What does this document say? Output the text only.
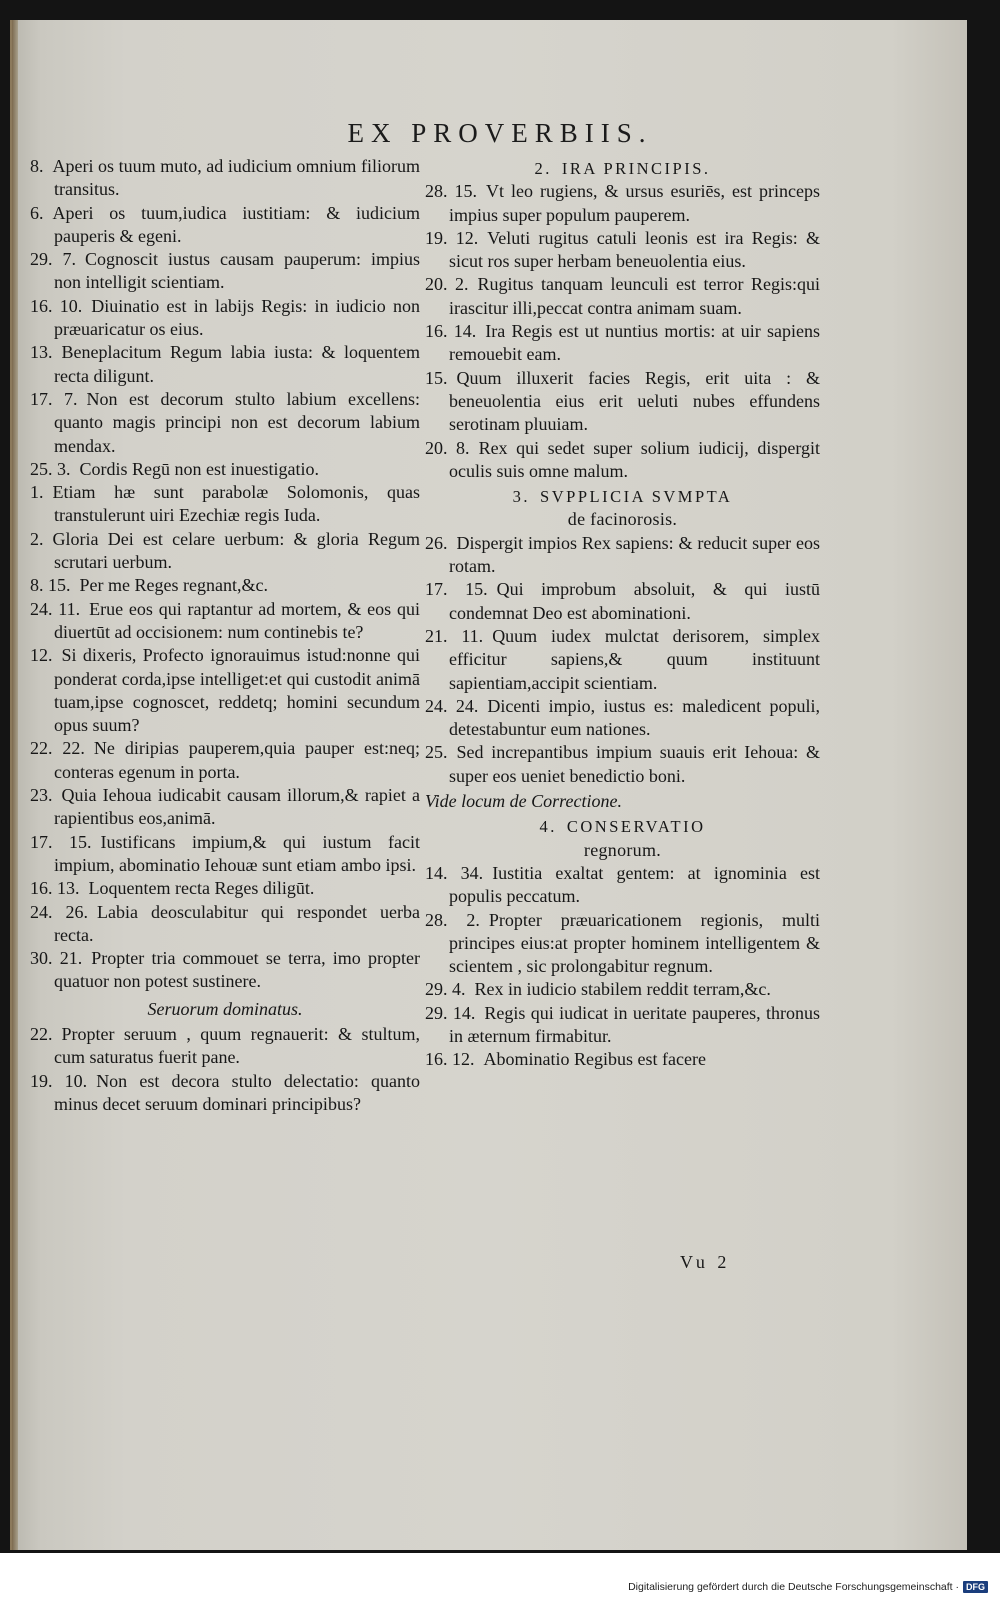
EX PROVERBIIS.

8. Aperi os tuum muto, ad iudicium omnium filiorum transitus.

6. Aperi os tuum,iudica iustitiam: & iudicium pauperis & egeni.

29. 7. Cognoscit iustus causam pauperum: impius non intelligit scientiam.

16. 10. Diuinatio est in labijs Regis: in iudicio non præuaricatur os eius.

13. Beneplacitum Regum labia iusta: & loquentem recta diligunt.

17. 7. Non est decorum stulto labium excellens: quanto magis principi non est decorum labium mendax.

25. 3. Cordis Regū non est inuestigatio.

1. Etiam hæ sunt parabolæ Solomonis, quas transtulerunt uiri Ezechiæ regis Iuda.

2. Gloria Dei est celare uerbum: & gloria Regum scrutari uerbum.

8. 15. Per me Reges regnant,&c.

24. 11. Erue eos qui raptantur ad mortem, & eos qui diuertūt ad occisionem: num continebis te?

12. Si dixeris, Profecto ignorauimus istud:nonne qui ponderat corda,ipse intelliget:et qui custodit animā tuam,ipse cognoscet, reddetq; homini secundum opus suum?

22. 22. Ne diripias pauperem,quia pauper est:neq; conteras egenum in porta.

23. Quia Iehoua iudicabit causam illorum,& rapiet a rapientibus eos,animā.

17. 15. Iustificans impium,& qui iustum facit impium, abominatio Iehouæ sunt etiam ambo ipsi.

16. 13. Loquentem recta Reges diligūt.

24. 26. Labia deosculabitur qui respondet uerba recta.

30. 21. Propter tria commouet se terra, imo propter quatuor non potest sustinere.

Seruorum dominatus.

22. Propter seruum , quum regnauerit: & stultum, cum saturatus fuerit pane.

19. 10. Non est decora stulto delectatio: quanto minus decet seruum dominari principibus?

2. IRA PRINCIPIS.

28. 15. Vt leo rugiens, & ursus esuriēs, est princeps impius super populum pauperem.

19. 12. Veluti rugitus catuli leonis est ira Regis: & sicut ros super herbam beneuolentia eius.

20. 2. Rugitus tanquam leunculi est terror Regis:qui irascitur illi,peccat contra animam suam.

16. 14. Ira Regis est ut nuntius mortis: at uir sapiens remouebit eam.

15. Quum illuxerit facies Regis, erit uita : & beneuolentia eius erit ueluti nubes effundens serotinam pluuiam.

20. 8. Rex qui sedet super solium iudicij, dispergit oculis suis omne malum.

3. SVPPLICIA SVMPTA
de facinorosis.

26. Dispergit impios Rex sapiens: & reducit super eos rotam.

17. 15. Qui improbum absoluit, & qui iustū condemnat Deo est abominationi.

21. 11. Quum iudex mulctat derisorem, simplex efficitur sapiens,& quum instituunt sapientiam,accipit scientiam.

24. 24. Dicenti impio, iustus es: maledicent populi, detestabuntur eum nationes.

25. Sed increpantibus impium suauis erit Iehoua: & super eos ueniet benedictio boni.

Vide locum de Correctione.
4. CONSERVATIO
regnorum.

14. 34. Iustitia exaltat gentem: at ignominia est populis peccatum.

28. 2. Propter præuaricationem regionis, multi principes eius:at propter hominem intelligentem & scientem , sic prolongabitur regnum.

29. 4. Rex in iudicio stabilem reddit terram,&c.

29. 14. Regis qui iudicat in ueritate pauperes, thronus in æternum firmabitur.

16. 12. Abominatio Regibus est facere

Vu 2
Digitalisierung gefördert durch die Deutsche Forschungsgemeinschaft · DFG
